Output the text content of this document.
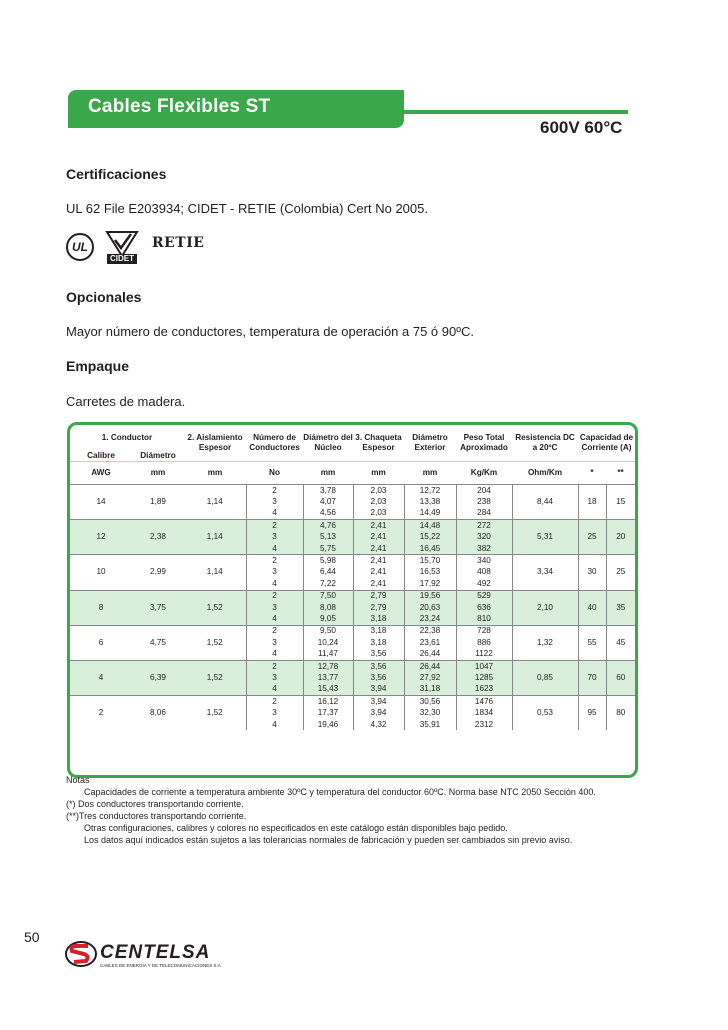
Cables Flexibles ST
600V 60°C
Certificaciones
UL 62 File E203934; CIDET - RETIE (Colombia) Cert No 2005.
UL
CIDET
RETIE
Opcionales
Mayor número de conductores, temperatura de operación a 75 ó 90ºC.
Empaque
Carretes de madera.
1. Conductor		2. Aislamiento Espesor	Número de Conductores	Diámetro del Núcleo	3. Chaqueta Espesor	Diámetro Exterior	Peso Total Aproximado	Resistencia DC a 20ºC	Capacidad de Corriente (A)	
Calibre	Diámetro									
AWG	mm	mm	No	mm	mm	mm	Kg/Km	Ohm/Km	*	**
14	1,89	1,14	2	3,78	2,03	12,72	204	8,44	18	15
			3	4,07	2,03	13,38	238			
			4	4,56	2,03	14,49	284			
12	2,38	1,14	2	4,76	2,41	14,48	272	5,31	25	20
			3	5,13	2,41	15,22	320			
			4	5,75	2,41	16,45	382			
10	2,99	1,14	2	5,98	2,41	15,70	340	3,34	30	25
			3	6,44	2,41	16,53	408			
			4	7,22	2,41	17,92	492			
8	3,75	1,52	2	7,50	2,79	19,56	529	2,10	40	35
			3	8,08	2,79	20,63	636			
			4	9,05	3,18	23,24	810			
6	4,75	1,52	2	9,50	3,18	22,38	728	1,32	55	45
			3	10,24	3,18	23,61	886			
			4	11,47	3,56	26,44	1122			
4	6,39	1,52	2	12,78	3,56	26,44	1047	0,85	70	60
			3	13,77	3,56	27,92	1285			
			4	15,43	3,94	31,18	1623			
2	8,06	1,52	2	16,12	3,94	30,56	1476	0,53	95	80
			3	17,37	3,94	32,30	1834			
			4	19,46	4,32	35,91	2312			
Notas
Capacidades de corriente a temperatura ambiente 30ºC y temperatura del conductor 60ºC. Norma base NTC 2050 Sección 400.
(*) Dos conductores transportando corriente.
(**)Tres conductores transportando corriente.
Otras configuraciones, calibres y colores no especificados en este catálogo están disponibles bajo pedido.
Los datos aquí indicados están sujetos a las tolerancias normales de fabricación y pueden ser cambiados sin previo aviso.
50
CENTELSA
CABLES DE ENERGIA Y DE TELECOMUNICACIONES S.A.
